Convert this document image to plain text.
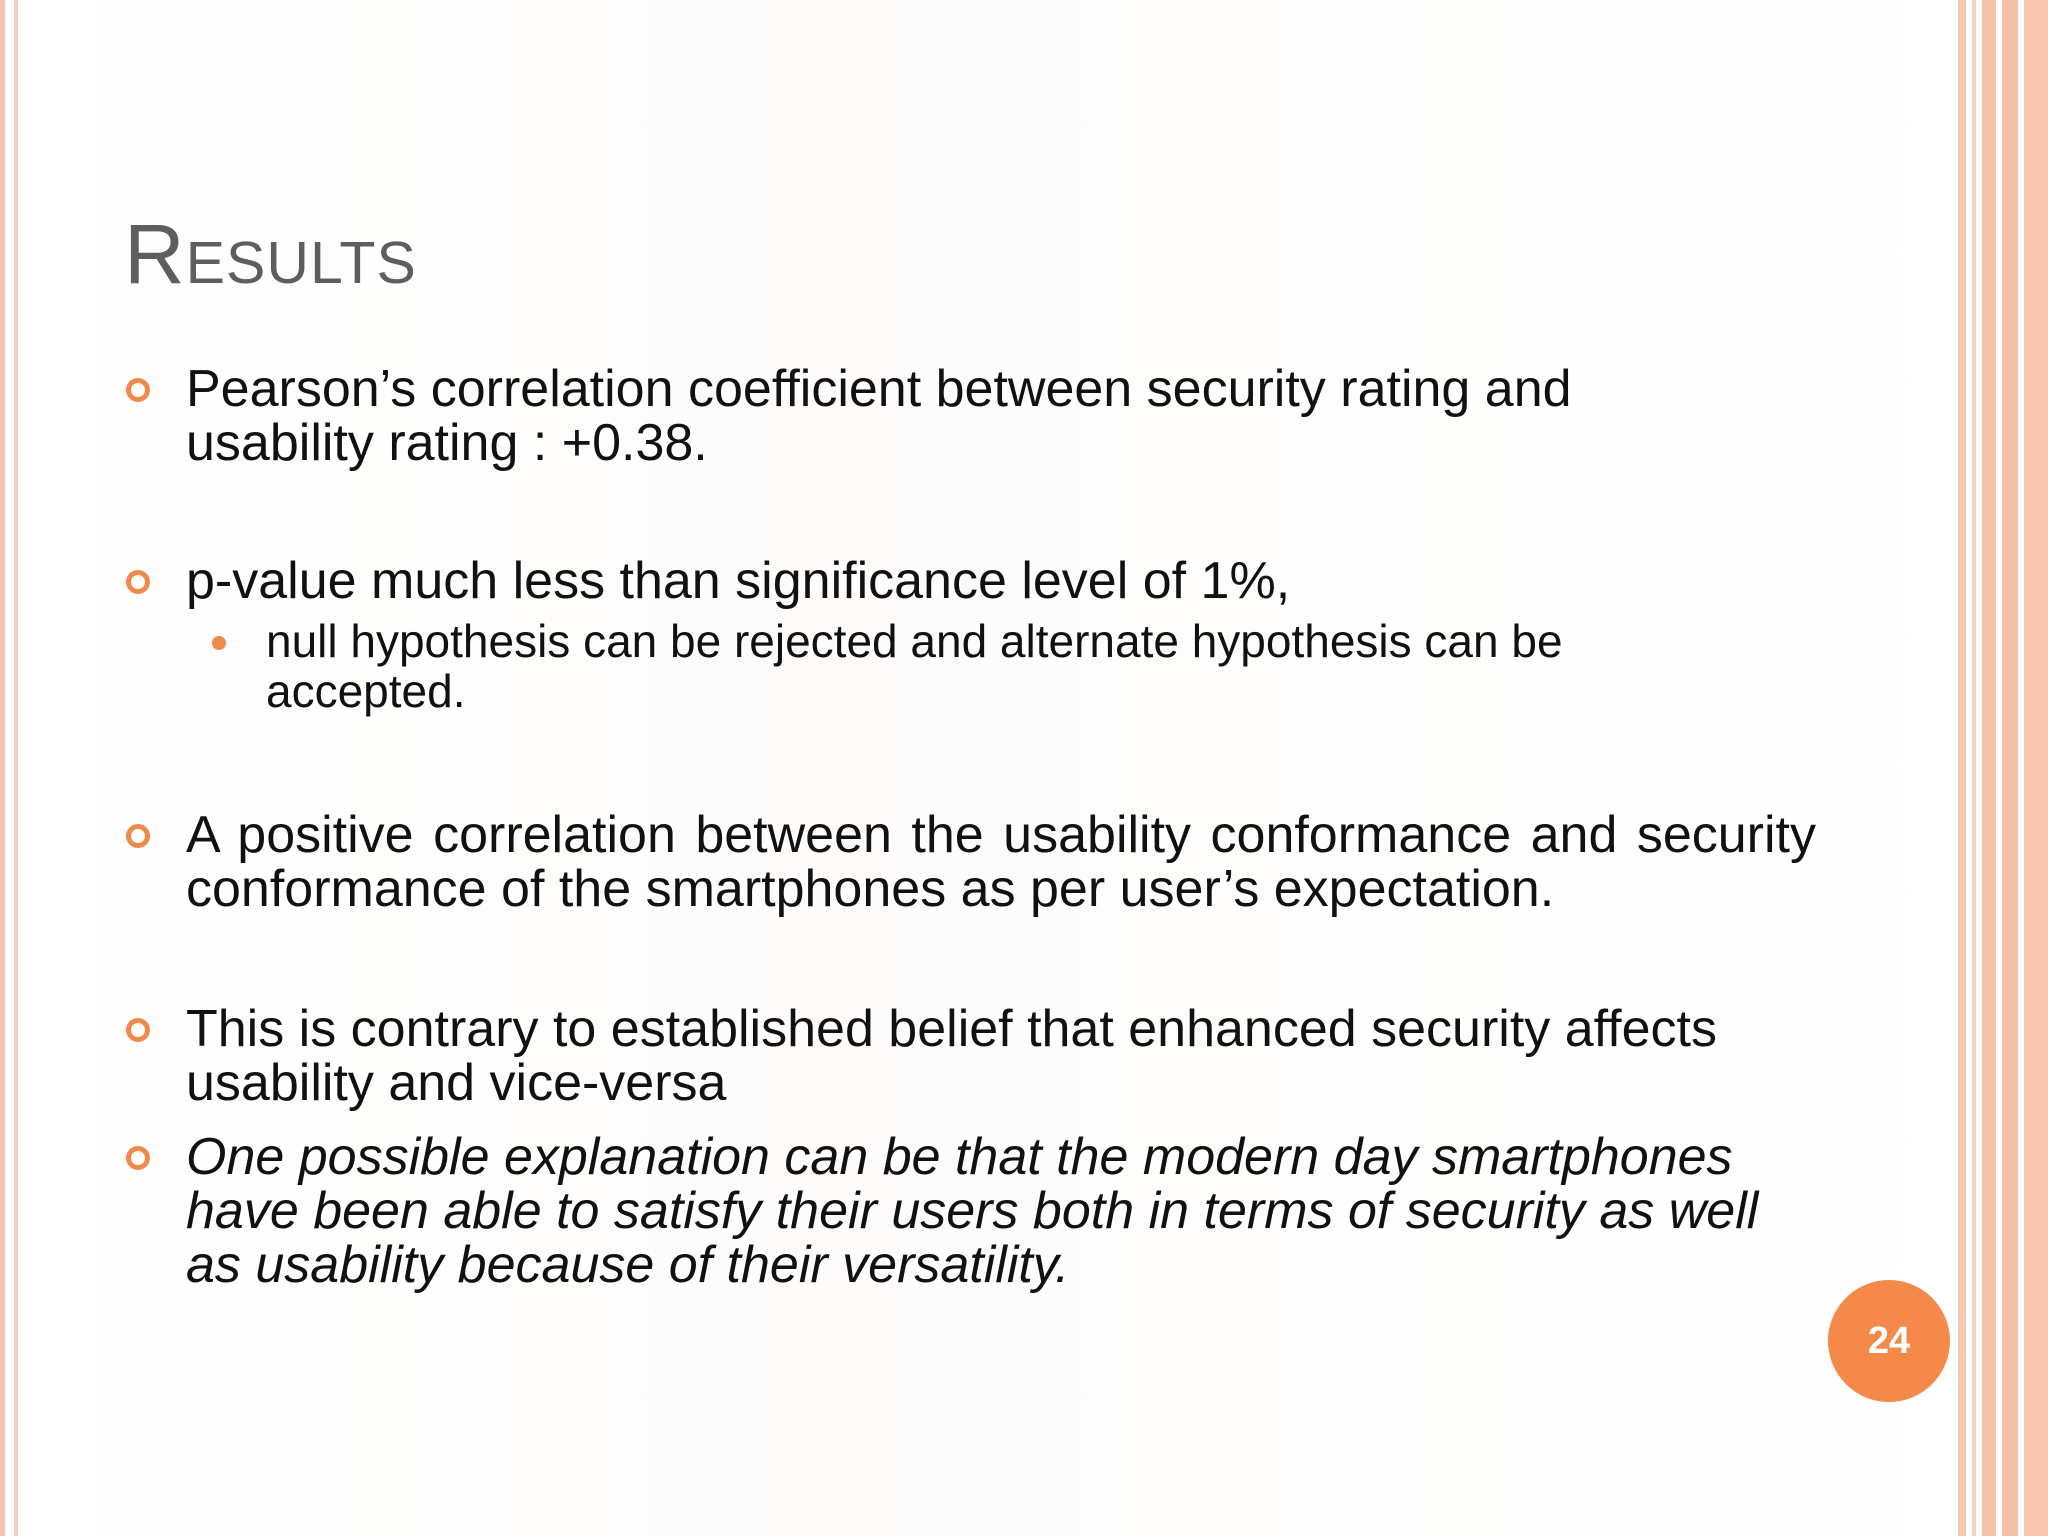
Results
Pearson’s correlation coefficient between security rating and usability rating : +0.38.
p-value much less than significance level of 1%,
null hypothesis can be rejected and alternate hypothesis can be accepted.
A positive correlation between the usability conformance and security conformance of the smartphones as per user’s expectation.
This is contrary to established belief that enhanced security affects usability and vice-versa
One possible explanation can be that the modern day smartphones have been able to satisfy their users both in terms of security as well as usability because of their versatility.
24
